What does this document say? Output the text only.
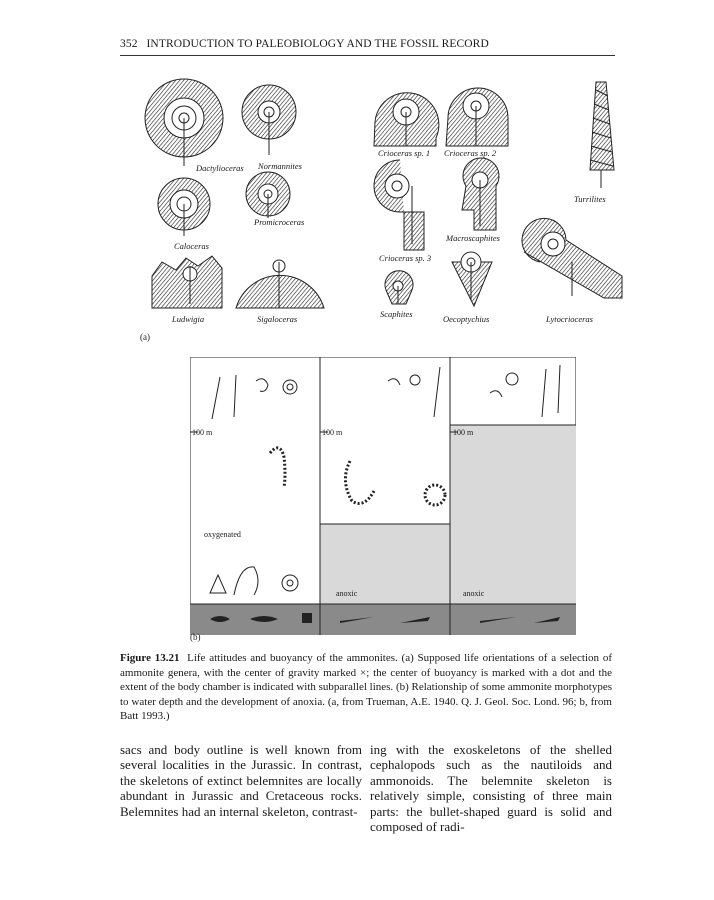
352 INTRODUCTION TO PALEOBIOLOGY AND THE FOSSIL RECORD
Dactylioceras Normannites
Promicroceras
Caloceras
Ludwigia	Sigaloceras
Crioceras sp. 1 Crioceras sp. 2
Crioceras sp. 3
Macroscaphites
Scaphites	Oecoptychius
Turrilites
Lytocrioceras
(a)
100 m	100 m	100 m
oxygenated
anoxic	anoxic
(b)
Figure 13.21 Life attitudes and buoyancy of the ammonites. (a) Supposed life orientations of a selection of ammonite genera, with the center of gravity marked ×; the center of buoyancy is marked with a dot and the extent of the body chamber is indicated with subparallel lines. (b) Relationship of some ammonite morphotypes to water depth and the development of anoxia. (a, from Trueman, A.E. 1940. Q. J. Geol. Soc. Lond. 96; b, from Batt 1993.)
sacs and body outline is well known from several localities in the Jurassic. In contrast, the skeletons of extinct belemnites are locally abundant in Jurassic and Cretaceous rocks. Belemnites had an internal skeleton, contrast-
ing with the exoskeletons of the shelled cephalopods such as the nautiloids and ammonoids. The belemnite skeleton is relatively simple, consisting of three main parts: the bullet-shaped guard is solid and composed of radi-
